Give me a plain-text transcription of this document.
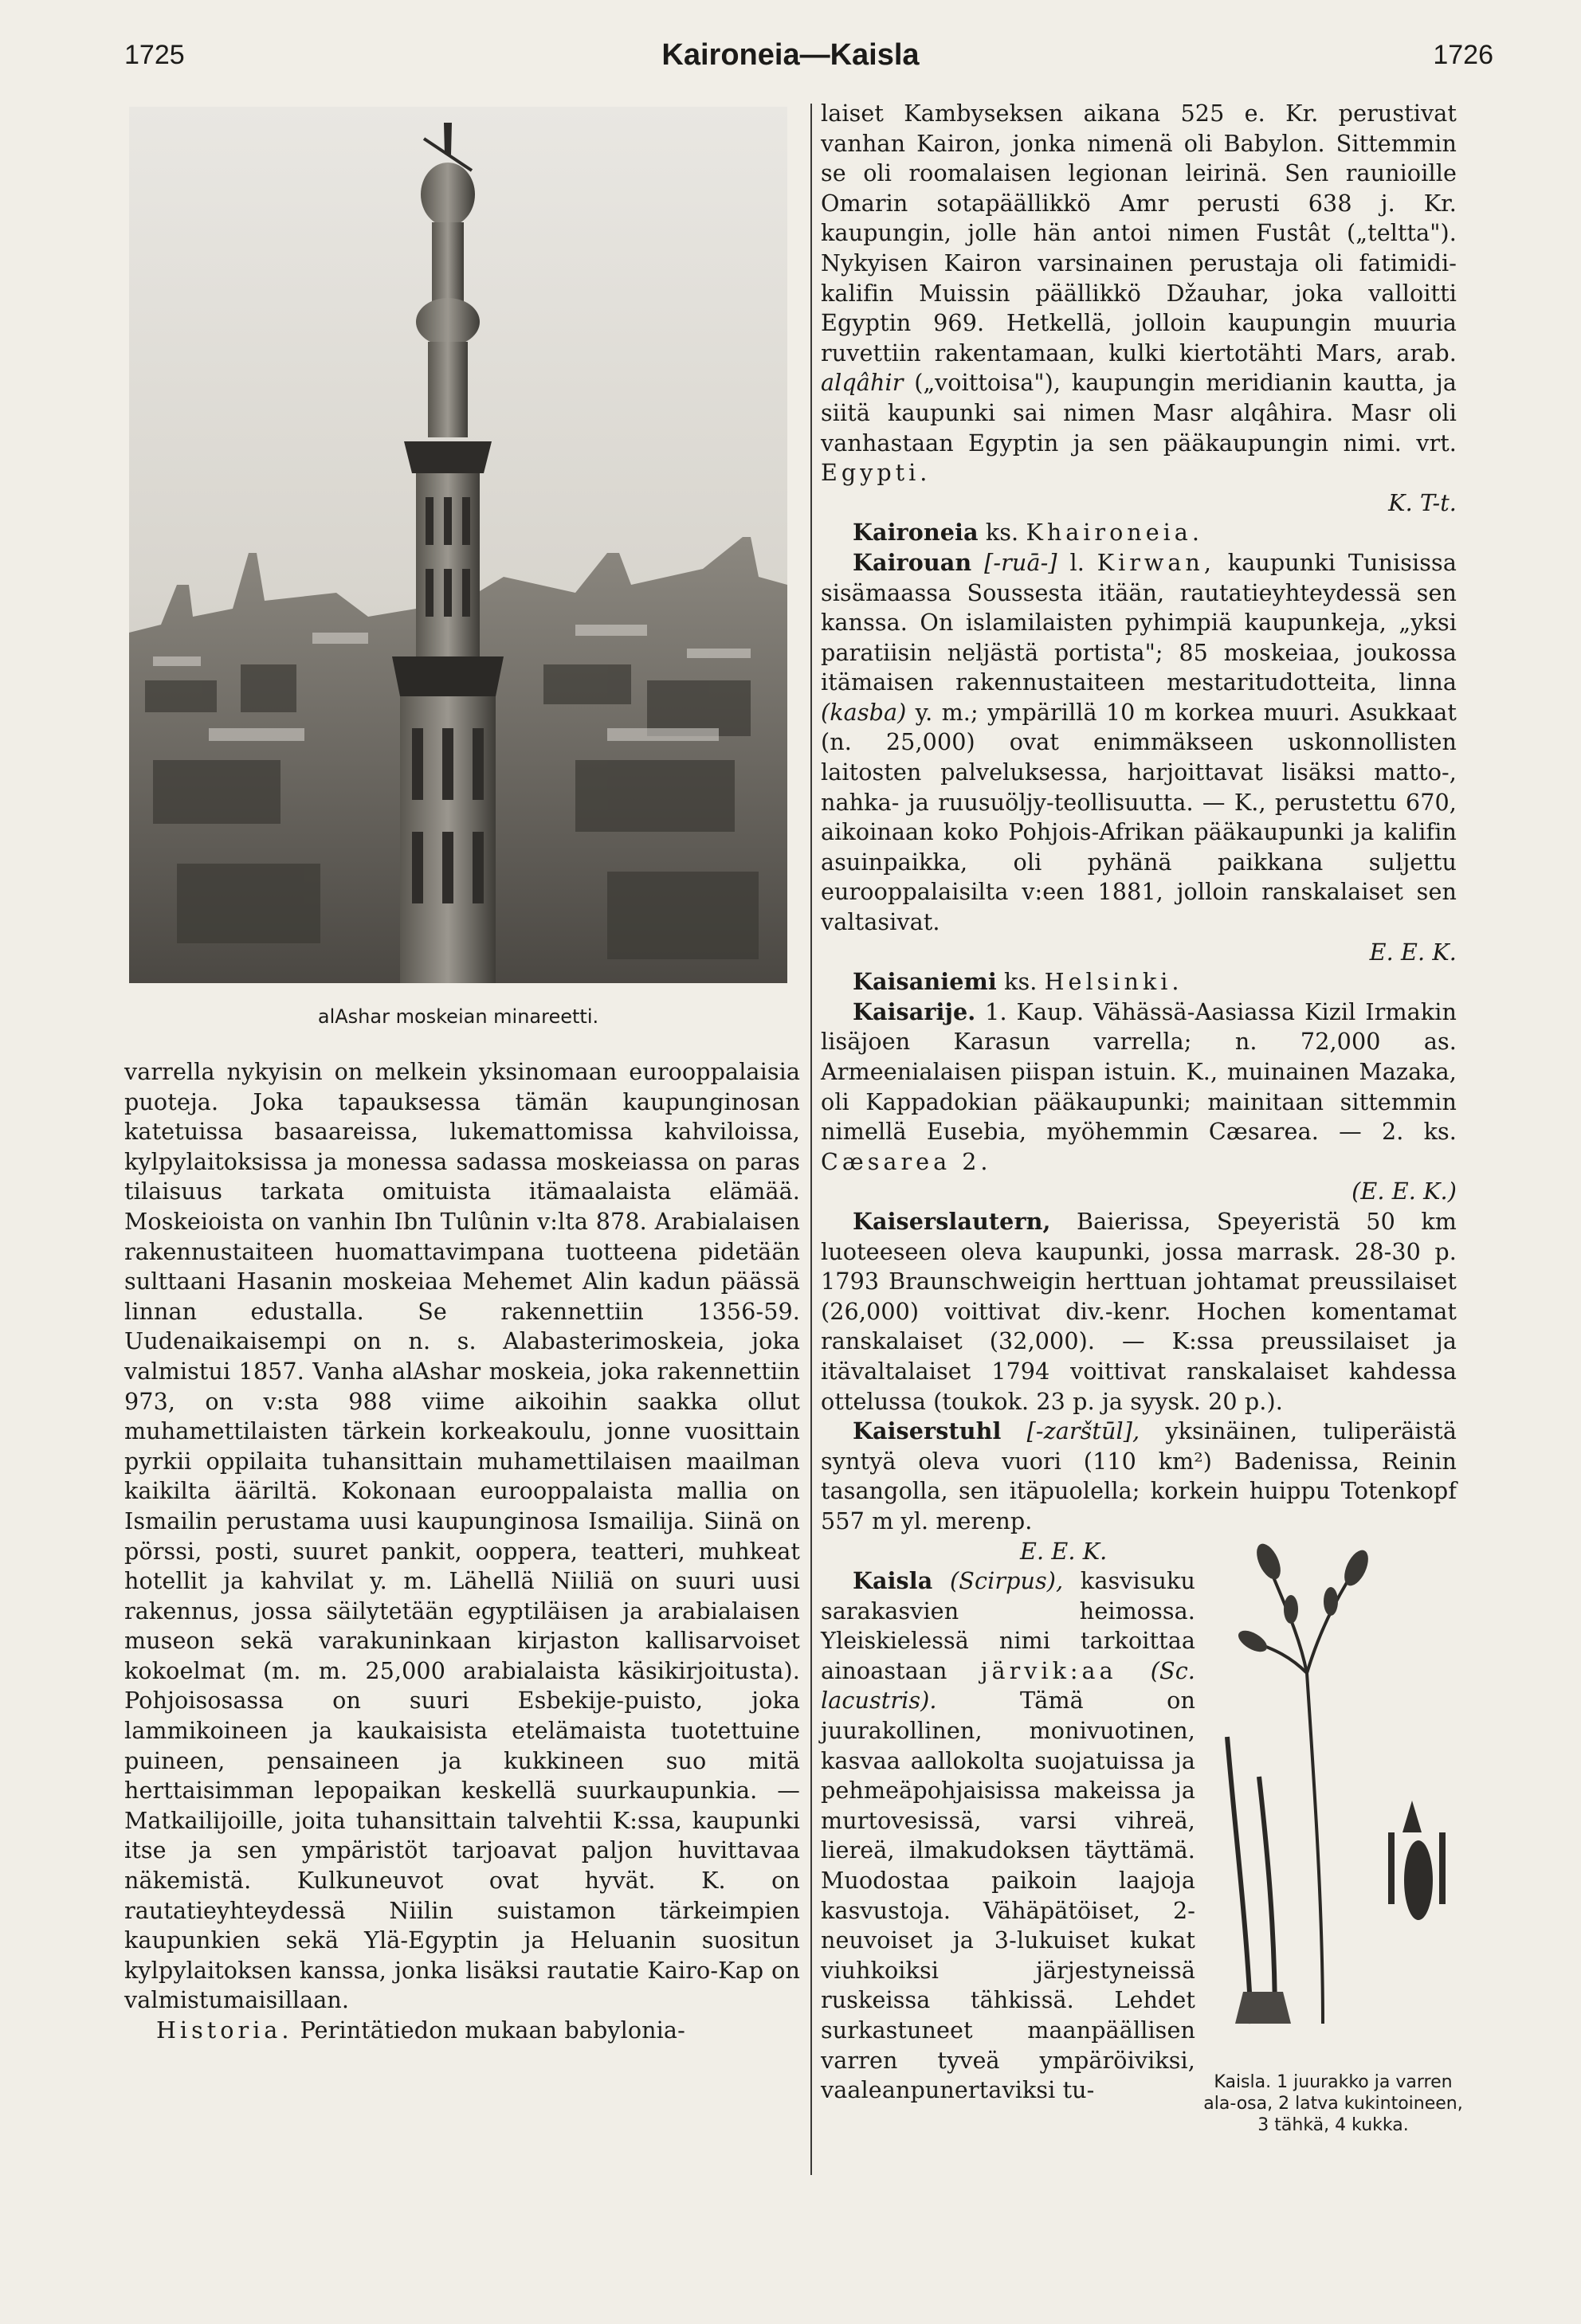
1725	Kaironeia—Kaisla	1726
alAshar moskeian minareetti.

varrella nykyisin on melkein yksinomaan eurooppalaisia puoteja. Joka tapauksessa tämän kaupunginosan katetuissa basaareissa, lukemattomissa kahviloissa, kylpylaitoksissa ja monessa sadassa moskeiassa on paras tilaisuus tarkata omituista itämaalaista elämää. Moskeioista on vanhin Ibn Tulûnin v:lta 878. Arabialaisen rakennustaiteen huomattavimpana tuotteena pidetään sulttaani Hasanin moskeiaa Mehemet Alin kadun päässä linnan edustalla. Se rakennettiin 1356-59. Uudenaikaisempi on n. s. Alabasterimoskeia, joka valmistui 1857. Vanha alAshar moskeia, joka rakennettiin 973, on v:sta 988 viime aikoihin saakka ollut muhamettilaisten tärkein korkeakoulu, jonne vuosittain pyrkii oppilaita tuhansittain muhamettilaisen maailman kaikilta ääriltä. Kokonaan eurooppalaista mallia on Ismailin perustama uusi kaupunginosa Ismailija. Siinä on pörssi, posti, suuret pankit, ooppera, teatteri, muhkeat hotellit ja kahvilat y. m. Lähellä Niiliä on suuri uusi rakennus, jossa säilytetään egyptiläisen ja arabialaisen museon sekä varakuninkaan kirjaston kallisarvoiset kokoelmat (m. m. 25,000 arabialaista käsikirjoitusta). Pohjoisosassa on suuri Esbekije-puisto, joka lammikoineen ja kaukaisista etelämaista tuotettuine puineen, pensaineen ja kukkineen suo mitä herttaisimman lepopaikan keskellä suurkaupunkia. — Matkailijoille, joita tuhansittain talvehtii K:ssa, kaupunki itse ja sen ympäristöt tarjoavat paljon huvittavaa näkemistä. Kulkuneuvot ovat hyvät. K. on rautatieyhteydessä Niilin suistamon tärkeimpien kaupunkien sekä Ylä-Egyptin ja Heluanin suositun kylpylaitoksen kanssa, jonka lisäksi rautatie Kairo-Kap on valmistumaisillaan.

Historia. Perintätiedon mukaan babylonia-

laiset Kambyseksen aikana 525 e. Kr. perustivat vanhan Kairon, jonka nimenä oli Babylon. Sittemmin se oli roomalaisen legionan leirinä. Sen raunioille Omarin sotapäällikkö Amr perusti 638 j. Kr. kaupungin, jolle hän antoi nimen Fustât („teltta"). Nykyisen Kairon varsinainen perustaja oli fatimidi-kalifin Muissin päällikkö Džauhar, joka valloitti Egyptin 969. Hetkellä, jolloin kaupungin muuria ruvettiin rakentamaan, kulki kiertotähti Mars, arab. alqâhir („voittoisa"), kaupungin meridianin kautta, ja siitä kaupunki sai nimen Masr alqâhira. Masr oli vanhastaan Egyptin ja sen pääkaupungin nimi. vrt. Egypti.

K. T-t.

Kaironeia ks. Khaironeia.

Kairouan [-ruā-] l. Kirwan, kaupunki Tunisissa sisämaassa Soussesta itään, rautatieyhteydessä sen kanssa. On islamilaisten pyhimpiä kaupunkeja, „yksi paratiisin neljästä portista"; 85 moskeiaa, joukossa itämaisen rakennustaiteen mestaritudotteita, linna (kasba) y. m.; ympärillä 10 m korkea muuri. Asukkaat (n. 25,000) ovat enimmäkseen uskonnollisten laitosten palveluksessa, harjoittavat lisäksi matto-, nahka- ja ruusuöljy-teollisuutta. — K., perustettu 670, aikoinaan koko Pohjois-Afrikan pääkaupunki ja kalifin asuinpaikka, oli pyhänä paikkana suljettu eurooppalaisilta v:een 1881, jolloin ranskalaiset sen valtasivat.

E. E. K.

Kaisaniemi ks. Helsinki.

Kaisarije. 1. Kaup. Vähässä-Aasiassa Kizil Irmakin lisäjoen Karasun varrella; n. 72,000 as. Armeenialaisen piispan istuin. K., muinainen Mazaka, oli Kappadokian pääkaupunki; mainitaan sittemmin nimellä Eusebia, myöhemmin Cæsarea. — 2. ks. Cæsarea 2.

(E. E. K.)

Kaiserslautern, Baierissa, Speyeristä 50 km luoteeseen oleva kaupunki, jossa marrask. 28-30 p. 1793 Braunschweigin herttuan johtamat preussilaiset (26,000) voittivat div.-kenr. Hochen komentamat ranskalaiset (32,000). — K:ssa preussilaiset ja itävaltalaiset 1794 voittivat ranskalaiset kahdessa ottelussa (toukok. 23 p. ja syysk. 20 p.).

Kaiserstuhl [-zarštūl], yksinäinen, tuliperäistä syntyä oleva vuori (110 km²) Badenissa, Reinin tasangolla, sen itäpuolella; korkein huippu Totenkopf 557 m yl. merenp.

E. E. K.

Kaisla (Scirpus), kasvisuku sarakasvien heimossa. Yleiskielessä nimi tarkoittaa ainoastaan järvik:aa (Sc. lacustris). Tämä on juurakollinen, monivuotinen, kasvaa aallokolta suojatuissa ja pehmeäpohjaisissa makeissa ja murtovesissä, varsi vihreä, liereä, ilmakudoksen täyttämä. Muodostaa paikoin laajoja kasvustoja. Vähäpätöiset, 2-neuvoiset ja 3-lukuiset kukat viuhkoiksi järjestyneissä ruskeissa tähkissä. Lehdet surkastuneet maanpäällisen varren tyveä ympäröiviksi, vaaleanpunertaviksi tu-	Kaisla. 1 juurakko ja varren ala-osa, 2 latva kukintoineen, 3 tähkä, 4 kukka.
